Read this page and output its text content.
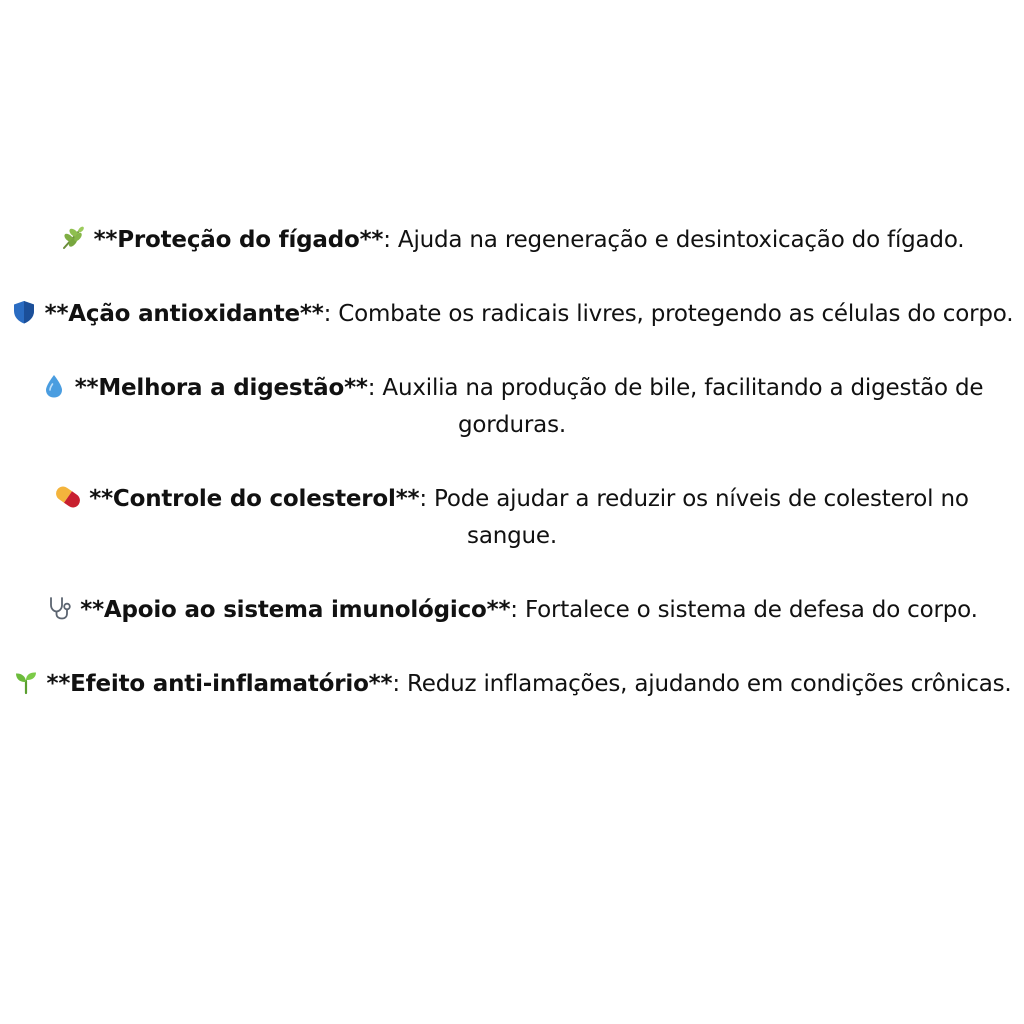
**Proteção do fígado**: Ajuda na regeneração e desintoxicação do fígado.

**Ação antioxidante**: Combate os radicais livres, protegendo as células do corpo.

**Melhora a digestão**: Auxilia na produção de bile, facilitando a digestão de gorduras.

**Controle do colesterol**: Pode ajudar a reduzir os níveis de colesterol no sangue.

**Apoio ao sistema imunológico**: Fortalece o sistema de defesa do corpo.

**Efeito anti-inflamatório**: Reduz inflamações, ajudando em condições crônicas.
